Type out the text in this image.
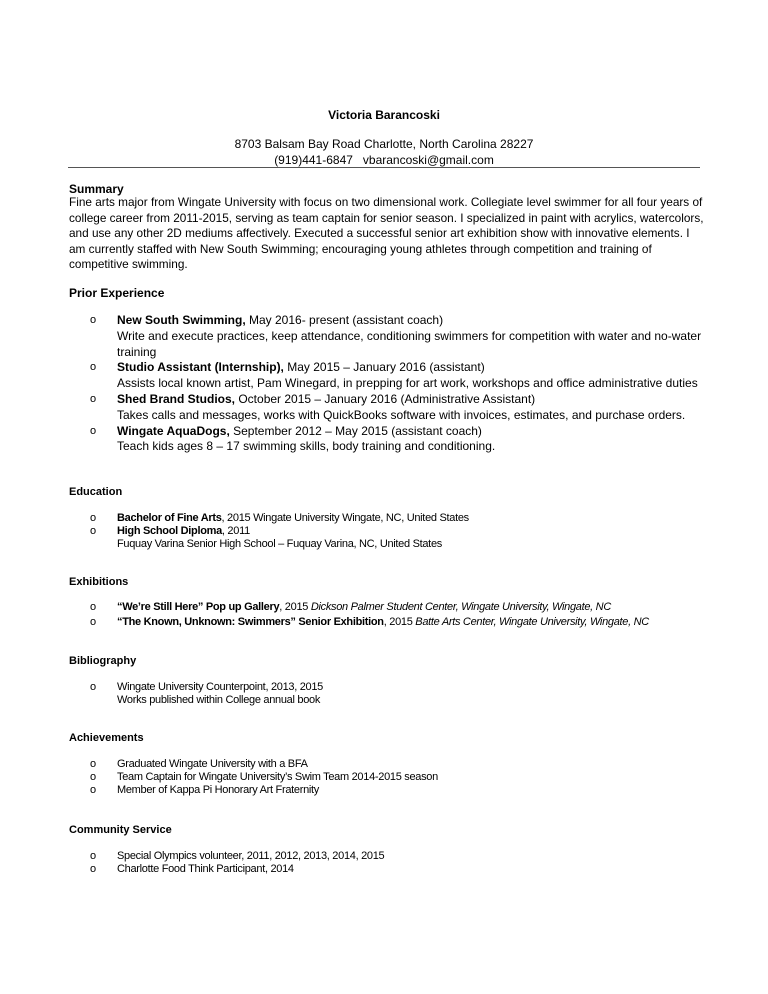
Victoria Barancoski
8703 Balsam Bay Road Charlotte, North Carolina 28227
(919)441-6847   vbarancoski@gmail.com
Summary
Fine arts major from Wingate University with focus on two dimensional work. Collegiate level swimmer for all four years of college career from 2011-2015, serving as team captain for senior season. I specialized in paint with acrylics, watercolors, and use any other 2D mediums affectively. Executed a successful senior art exhibition show with innovative elements. I am currently staffed with New South Swimming; encouraging young athletes through competition and training of competitive swimming.
Prior Experience
o New South Swimming, May 2016- present (assistant coach)
Write and execute practices, keep attendance, conditioning swimmers for competition with water and no-water training
o Studio Assistant (Internship), May 2015 – January 2016 (assistant)
Assists local known artist, Pam Winegard, in prepping for art work, workshops and office administrative duties
o Shed Brand Studios, October 2015 – January 2016 (Administrative Assistant)
Takes calls and messages, works with QuickBooks software with invoices, estimates, and purchase orders.
o Wingate AquaDogs, September 2012 – May 2015 (assistant coach)
Teach kids ages 8 – 17 swimming skills, body training and conditioning.
Education
o Bachelor of Fine Arts, 2015 Wingate University Wingate, NC, United States
o High School Diploma, 2011
Fuquay Varina Senior High School – Fuquay Varina, NC, United States
Exhibitions
o “We’re Still Here” Pop up Gallery, 2015 Dickson Palmer Student Center, Wingate University, Wingate, NC
o “The Known, Unknown: Swimmers” Senior Exhibition, 2015 Batte Arts Center, Wingate University, Wingate, NC
Bibliography
o Wingate University Counterpoint, 2013, 2015
Works published within College annual book
Achievements
o Graduated Wingate University with a BFA
o Team Captain for Wingate University’s Swim Team 2014-2015 season
o Member of Kappa Pi Honorary Art Fraternity
Community Service
o Special Olympics volunteer, 2011, 2012, 2013, 2014, 2015
o Charlotte Food Think Participant, 2014
